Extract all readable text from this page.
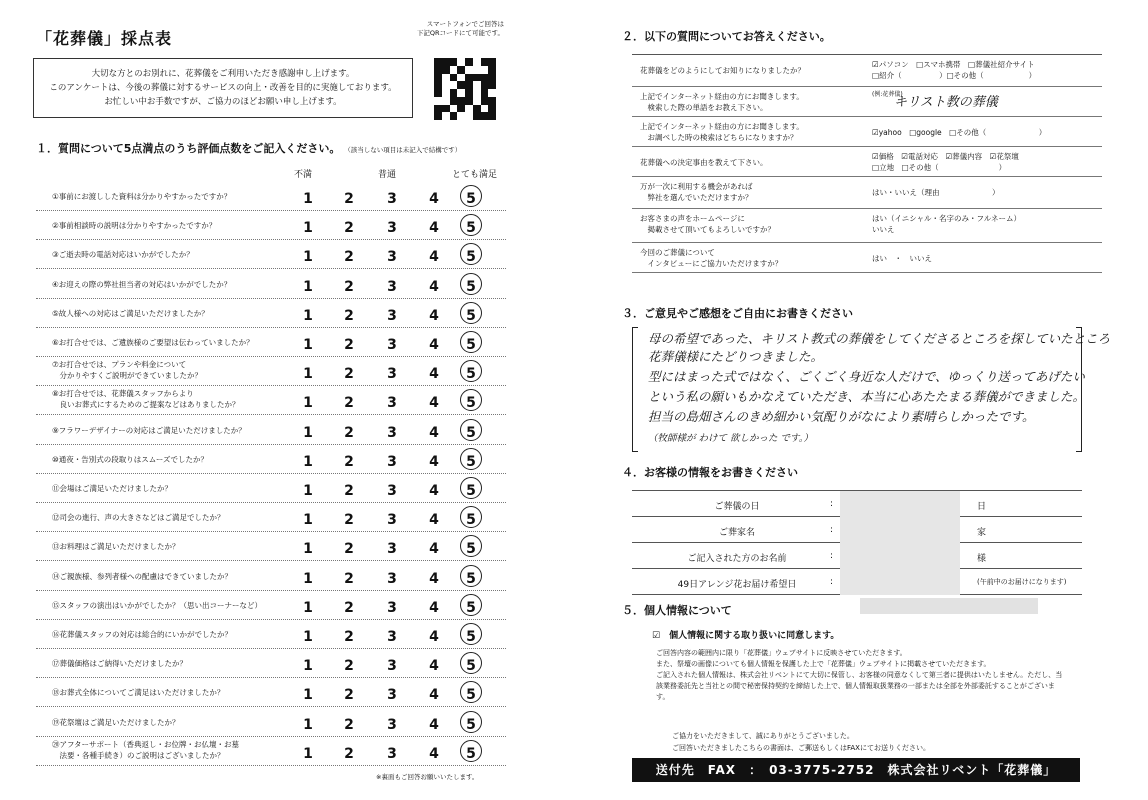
「花葬儀」採点表
スマートフォンでご回答は
下記QRコードにて可能です。
大切な方とのお別れに、花葬儀をご利用いただき感謝申し上げます。
このアンケートは、今後の葬儀に対するサービスの向上・改善を目的に実施しております。
お忙しい中お手数ですが、ご協力のほどお願い申し上げます。
１．質問について5点満点のうち評価点数をご記入ください。 （該当しない項目は未記入で結構です）
不満	普通	とても満足
①事前にお渡しした資料は分かりやすかったですか？	1	2	3	4	5
②事前相談時の説明は分かりやすかったですか？	1	2	3	4	5
③ご逝去時の電話対応はいかがでしたか？	1	2	3	4	5
④お迎えの際の弊社担当者の対応はいかがでしたか？	1	2	3	4	5
⑤故人様への対応はご満足いただけましたか？	1	2	3	4	5
⑥お打合せでは、ご遺族様のご要望は伝わっていましたか？	1	2	3	4	5
⑦お打合せでは、プランや料金について
　分かりやすくご説明ができていましたか？	1	2	3	4	5
⑧お打合せでは、花葬儀スタッフからより
　良いお葬式にするためのご提案などはありましたか？	1	2	3	4	5
⑨フラワーデザイナーの対応はご満足いただけましたか？	1	2	3	4	5
⑩通夜・告別式の段取りはスムーズでしたか？	1	2	3	4	5
⑪会場はご満足いただけましたか？	1	2	3	4	5
⑫司会の進行、声の大きさなどはご満足でしたか？	1	2	3	4	5
⑬お料理はご満足いただけましたか？	1	2	3	4	5
⑭ご親族様、参列者様への配慮はできていましたか？	1	2	3	4	5
⑮スタッフの演出はいかがでしたか？（思い出コーナーなど）	1	2	3	4	5
⑯花葬儀スタッフの対応は総合的にいかがでしたか？	1	2	3	4	5
⑰葬儀価格はご納得いただけましたか？	1	2	3	4	5
⑱お葬式全体についてご満足はいただけましたか？	1	2	3	4	5
⑲花祭壇はご満足いただけましたか？	1	2	3	4	5
⑳アフターサポート（香典返し・お位牌・お仏壇・お墓
　法要・各種手続き）のご説明はございましたか？	1	2	3	4	5
※裏面もご回答お願いいたします。
２．以下の質問についてお答えください。
花葬儀をどのようにしてお知りになりましたか？
☑パソコン　□スマホ携帯　□葬儀社紹介サイト
□紹介（　　　　　）□その他（　　　　　　）
上記でインターネット経由の方にお聞きします。
　検索した際の単語をお教え下さい。
(例:花葬儀)
キリスト教の葬儀
上記でインターネット経由の方にお聞きします。
　お調べした時の検索はどちらになりますか？
☑yahoo　□google　□その他（　　　　　　　）
花葬儀への決定事由を教えて下さい。
☑価格　☑電話対応　☑葬儀内容　☑花祭壇
□立地　□その他（　　　　　　　　）
万が一次に利用する機会があれば
　弊社を選んでいただけますか？
はい・いいえ（理由　　　　　　　）
お客さまの声をホームページに
　掲載させて頂いてもよろしいですか？
はい（イニシャル・名字のみ・フルネーム）
いいえ
今回のご葬儀について
　インタビューにご協力いただけますか？
はい　・　いいえ
３．ご意見やご感想をご自由にお書きください
母の希望であった、キリスト教式の葬儀をしてくださるところを探していたところ
花葬儀様にたどりつきました。
型にはまった式ではなく、ごくごく身近な人だけで、ゆっくり送ってあげたい
という私の願いもかなえていただき、本当に心あたたまる葬儀ができました。
担当の島畑さんのきめ細かい気配りがなにより素晴らしかったです。
（牧師様が わけて 欲しかった です。）
４．お客様の情報をお書きください
ご葬儀の日	:	日
ご葬家名	:	家
ご記入された方のお名前	:	様
49日アレンジ花お届け希望日	:	(午前中のお届けになります)
５．個人情報について
☑　個人情報に関する取り扱いに同意します。
ご回答内容の範囲内に限り「花葬儀」ウェブサイトに反映させていただきます。
また、祭壇の画像についても個人情報を保護した上で「花葬儀」ウェブサイトに掲載させていただきます。
ご記入された個人情報は、株式会社リベントにて大切に保管し、お客様の同意なくして第三者に提供はいたしません。ただし、当該業務委託先と当社との間で秘密保持契約を締結した上で、個人情報取扱業務の一部または全部を外部委託することがございます。
ご協力をいただきまして、誠にありがとうございました。
ご回答いただきましたこちらの書面は、ご郵送もしくはFAXにてお送りください。
送付先　FAX　：　03-3775-2752　株式会社リベント「花葬儀」
